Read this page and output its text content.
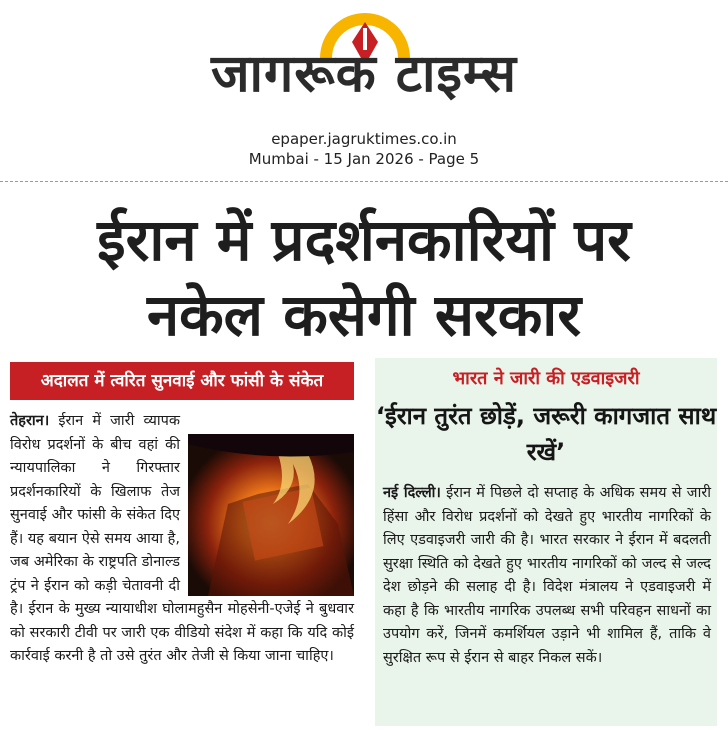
जागरूक टाइम्स
epaper.jagruktimes.co.in
Mumbai - 15 Jan 2026 - Page 5
ईरान में प्रदर्शनकारियों पर
नकेल कसेगी सरकार
अदालत में त्वरित सुनवाई और फांसी के संकेत
तेहरान। ईरान में जारी व्यापक विरोध प्रदर्शनों के बीच वहां की न्यायपालिका ने गिरफ्तार प्रदर्शनकारियों के खिलाफ तेज सुनवाई और फांसी के संकेत दिए हैं। यह बयान ऐसे समय आया है, जब अमेरिका के राष्ट्रपति डोनाल्ड ट्रंप ने ईरान को कड़ी चेतावनी दी है। ईरान के मुख्य न्यायाधीश घोलामहुसैन मोहसेनी-एजेई ने बुधवार को सरकारी टीवी पर जारी एक वीडियो संदेश में कहा कि यदि कोई कार्रवाई करनी है तो उसे तुरंत और तेजी से किया जाना चाहिए।
भारत ने जारी की एडवाइजरी
‘ईरान तुरंत छोड़ें, जरूरी कागजात साथ रखें’
नई दिल्ली। ईरान में पिछले दो सप्ताह के अधिक समय से जारी हिंसा और विरोध प्रदर्शनों को देखते हुए भारतीय नागरिकों के लिए एडवाइजरी जारी की है। भारत सरकार ने ईरान में बदलती सुरक्षा स्थिति को देखते हुए भारतीय नागरिकों को जल्द से जल्द देश छोड़ने की सलाह दी है। विदेश मंत्रालय ने एडवाइजरी में कहा है कि भारतीय नागरिक उपलब्ध सभी परिवहन साधनों का उपयोग करें, जिनमें कमर्शियल उड़ाने भी शामिल हैं, ताकि वे सुरक्षित रूप से ईरान से बाहर निकल सकें।
